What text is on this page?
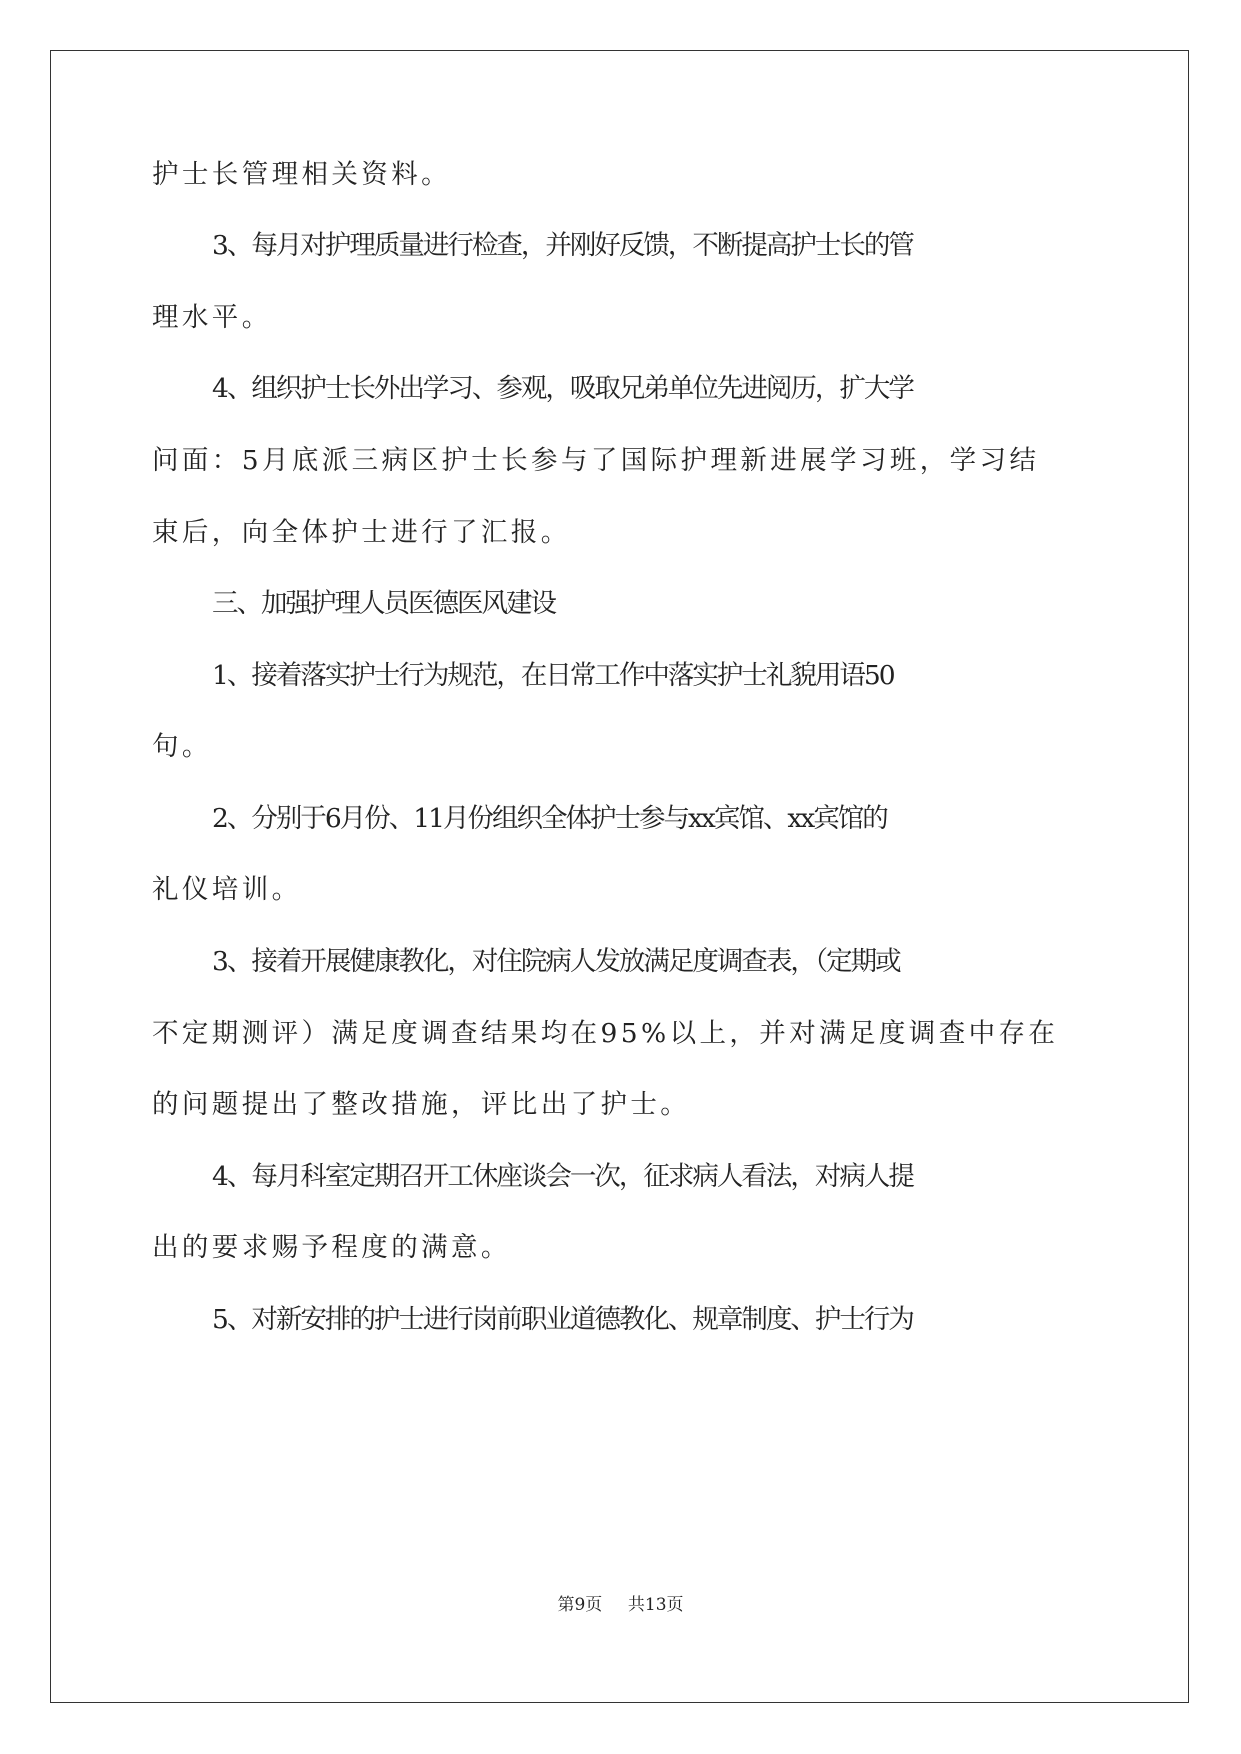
护士长管理相关资料。
3、每月对护理质量进行检查，并刚好反馈，不断提高护士长的管
理水平。
4、组织护士长外出学习、参观，吸取兄弟单位先进阅历，扩大学
问面：5月底派三病区护士长参与了国际护理新进展学习班，学习结
束后，向全体护士进行了汇报。
三、加强护理人员医德医风建设
1、接着落实护士行为规范，在日常工作中落实护士礼貌用语50
句。
2、分别于6月份、11月份组织全体护士参与xx宾馆、xx宾馆的
礼仪培训。
3、接着开展健康教化，对住院病人发放满足度调查表，（定期或
不定期测评）满足度调查结果均在95%以上，并对满足度调查中存在
的问题提出了整改措施，评比出了护士。
4、每月科室定期召开工休座谈会一次，征求病人看法，对病人提
出的要求赐予程度的满意。
5、对新安排的护士进行岗前职业道德教化、规章制度、护士行为
第9页 共13页
